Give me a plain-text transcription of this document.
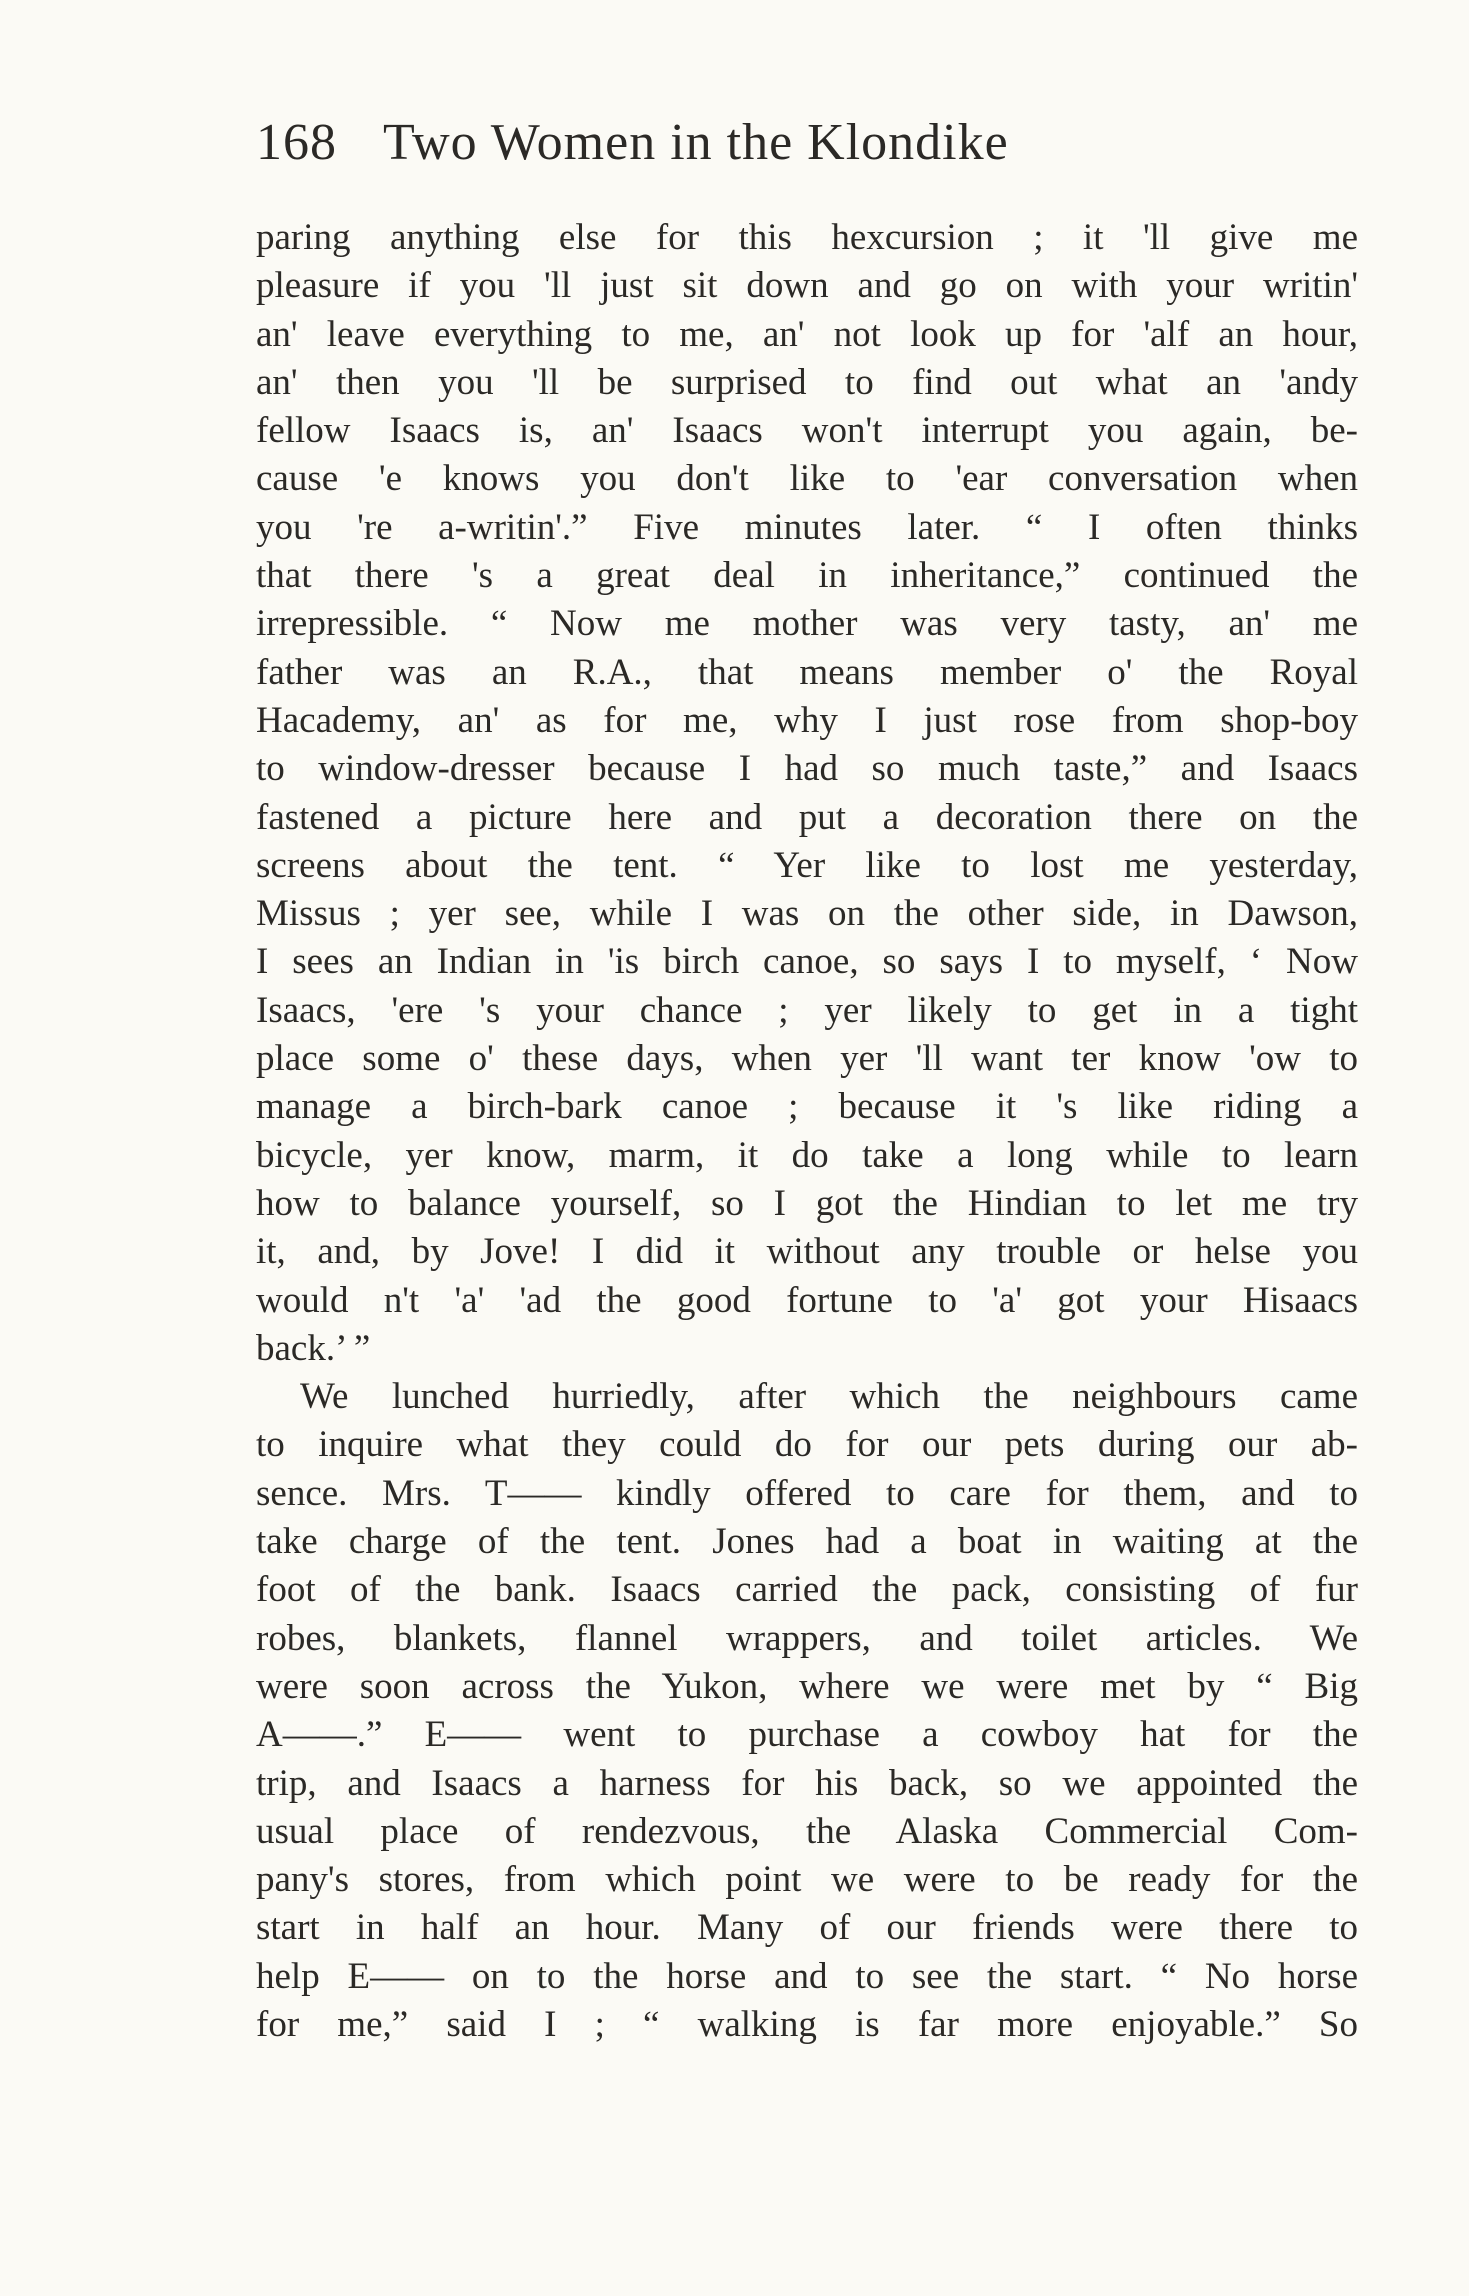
168 Two Women in the Klondike
paring anything else for this hexcursion ; it 'll give me
pleasure if you 'll just sit down and go on with your writin'
an' leave everything to me, an' not look up for 'alf an hour,
an' then you 'll be surprised to find out what an 'andy
fellow Isaacs is, an' Isaacs won't interrupt you again, be-
cause 'e knows you don't like to 'ear conversation when
you 're a-writin'.” Five minutes later. “ I often thinks
that there 's a great deal in inheritance,” continued the
irrepressible. “ Now me mother was very tasty, an' me
father was an R.A., that means member o' the Royal
Hacademy, an' as for me, why I just rose from shop-boy
to window-dresser because I had so much taste,” and Isaacs
fastened a picture here and put a decoration there on the
screens about the tent. “ Yer like to lost me yesterday,
Missus ; yer see, while I was on the other side, in Dawson,
I sees an Indian in 'is birch canoe, so says I to myself, ‘ Now
Isaacs, 'ere 's your chance ; yer likely to get in a tight
place some o' these days, when yer 'll want ter know 'ow to
manage a birch-bark canoe ; because it 's like riding a
bicycle, yer know, marm, it do take a long while to learn
how to balance yourself, so I got the Hindian to let me try
it, and, by Jove! I did it without any trouble or helse you
would n't 'a' 'ad the good fortune to 'a' got your Hisaacs
back.’ ”
We lunched hurriedly, after which the neighbours came
to inquire what they could do for our pets during our ab-
sence. Mrs. T—— kindly offered to care for them, and to
take charge of the tent. Jones had a boat in waiting at the
foot of the bank. Isaacs carried the pack, consisting of fur
robes, blankets, flannel wrappers, and toilet articles. We
were soon across the Yukon, where we were met by “ Big
A——.” E—— went to purchase a cowboy hat for the
trip, and Isaacs a harness for his back, so we appointed the
usual place of rendezvous, the Alaska Commercial Com-
pany's stores, from which point we were to be ready for the
start in half an hour. Many of our friends were there to
help E—— on to the horse and to see the start. “ No horse
for me,” said I ; “ walking is far more enjoyable.” So
